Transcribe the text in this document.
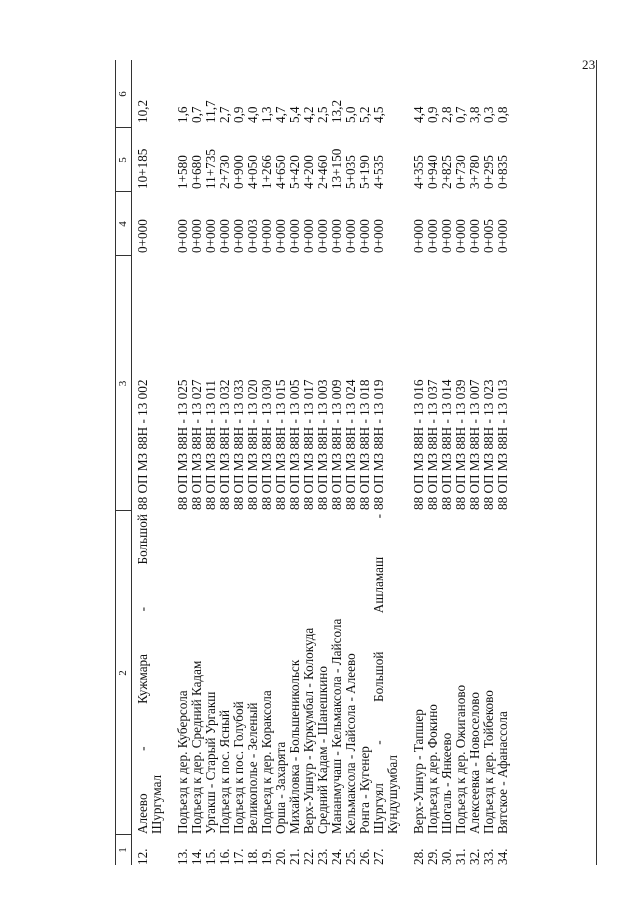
23
1
2
3
4
5
6
12.
Алеево
-
Кужмара
-
Большой
88 ОП МЗ 88Н - 13 002
0+000
10+185
10,2
Шургумал
13.
Подъезд к дер. Куберсола
88 ОП МЗ 88Н - 13 025
0+000
1+580
1,6
14.
Подъезд к дер. Средний Кадам
88 ОП МЗ 88Н - 13 027
0+000
0+680
0,7
15.
Ургакш - Старый Ургакш
88 ОП МЗ 88Н - 13 011
0+000
11+735
11,7
16.
Подъезд к пос. Ясный
88 ОП МЗ 88Н - 13 032
0+000
2+730
2,7
17.
Подъезд к пос. Голубой
88 ОП МЗ 88Н - 13 033
0+000
0+900
0,9
18.
Великополье - Зеленый
88 ОП МЗ 88Н - 13 020
0+003
4+050
4,0
19.
Подъезд к дер. Кораксола
88 ОП МЗ 88Н - 13 030
0+000
1+266
1,3
20.
Орша - Захарята
88 ОП МЗ 88Н - 13 015
0+000
4+650
4,7
21.
Михайловка - Большеникольск
88 ОП МЗ 88Н - 13 005
0+000
5+420
5,4
22.
Верх-Ушнур - Куркумбал - Колокуда
88 ОП МЗ 88Н - 13 017
0+000
4+200
4,2
23.
Средний Кадам - Шанешкино
88 ОП МЗ 88Н - 13 003
0+000
2+460
2,5
24.
Мананмучаш - Кельмаксола - Лайсола
88 ОП МЗ 88Н - 13 009
0+000
13+150
13,2
25.
Кельмаксола - Лайсола - Алеево
88 ОП МЗ 88Н - 13 024
0+000
5+035
5,0
26.
Ронга - Кугенер
88 ОП МЗ 88Н - 13 018
0+000
5+190
5,2
27.
Шургуял
-
Большой
Ашламаш
-
88 ОП МЗ 88Н - 13 019
0+000
4+535
4,5
Кундушумбал
28.
Верх-Ушнур - Тапшер
88 ОП МЗ 88Н - 13 016
0+000
4+355
4,4
29.
Подъезд к дер. Фокино
88 ОП МЗ 88Н - 13 037
0+000
0+940
0,9
30.
Шогаль - Янкеево
88 ОП МЗ 88Н - 13 014
0+000
2+825
2,8
31.
Подъезд к дер. Ожиганово
88 ОП МЗ 88Н - 13 039
0+000
0+730
0,7
32.
Алексеевка - Новоселово
88 ОП МЗ 88Н - 13 007
0+000
3+780
3,8
33.
Подъезд к дер. Тойбеково
88 ОП МЗ 88Н - 13 023
0+005
0+295
0,3
34.
Вятское - Афанассола
88 ОП МЗ 88Н - 13 013
0+000
0+835
0,8
